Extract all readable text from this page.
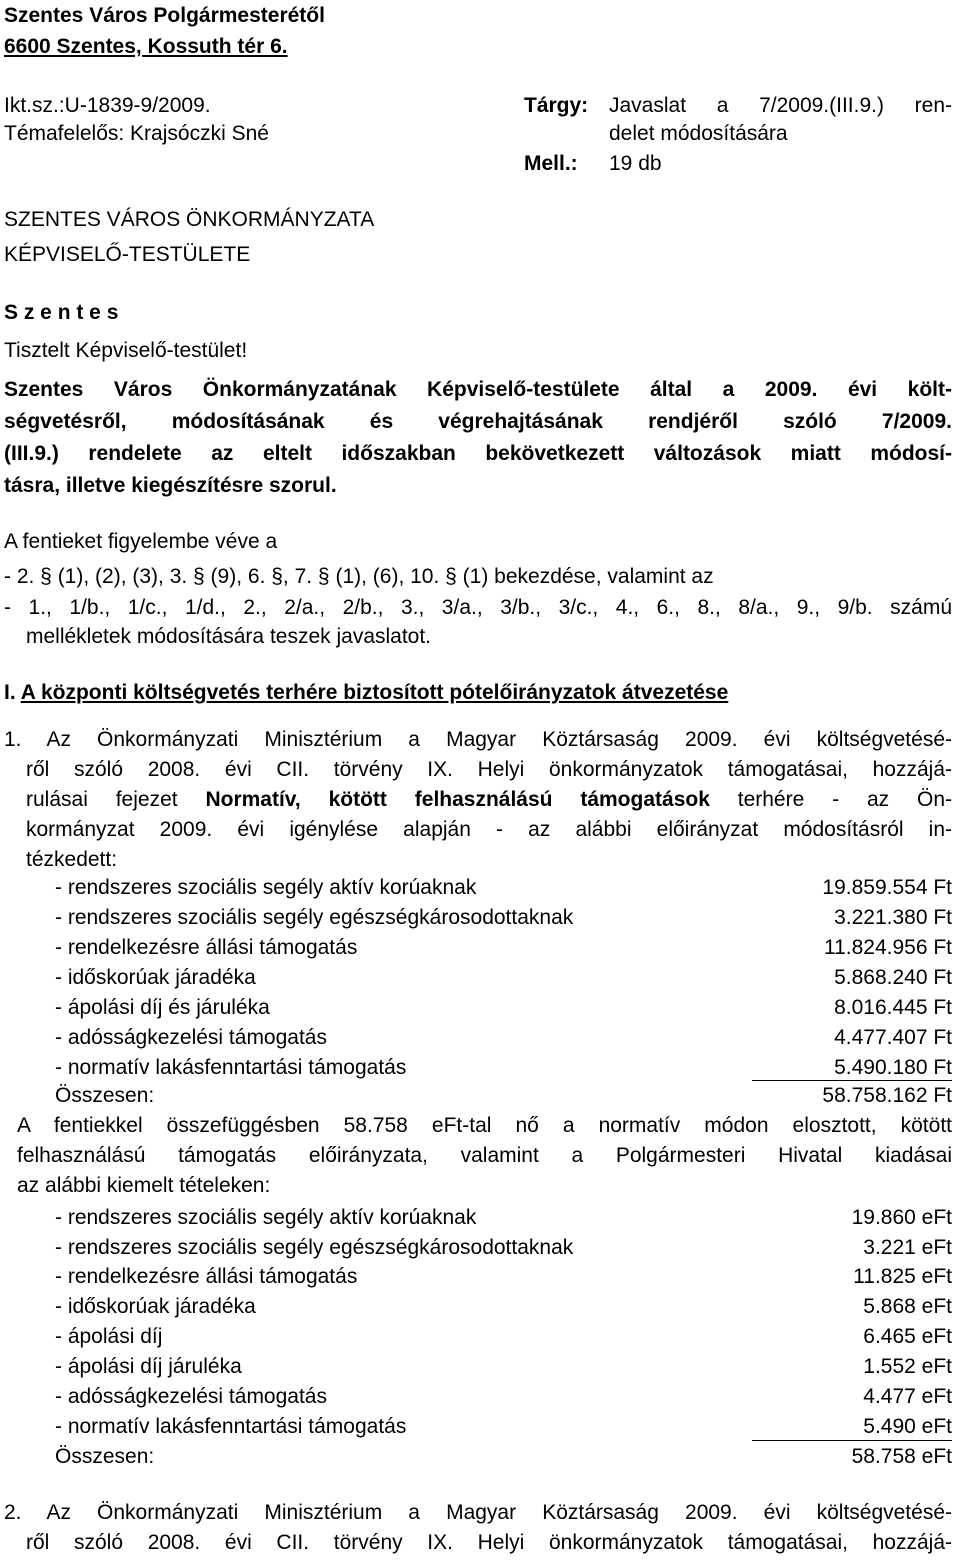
Szentes Város Polgármesterétől
6600 Szentes, Kossuth tér 6.
Ikt.sz.:U-1839-9/2009.
Témafelelős: Krajsóczki Sné
Tárgy: Javaslat a 7/2009.(III.9.) ren-
delet módosítására
Mell.: 19 db
SZENTES VÁROS ÖNKORMÁNYZATA
KÉPVISELŐ-TESTÜLETE
S z e n t e s
Tisztelt Képviselő-testület!
Szentes Város Önkormányzatának Képviselő-testülete által a 2009. évi költ-
ségvetésről, módosításának és végrehajtásának rendjéről szóló 7/2009.
(III.9.) rendelete az eltelt időszakban bekövetkezett változások miatt módosí-
tásra, illetve kiegészítésre szorul.
A fentieket figyelembe véve a
- 2. § (1), (2), (3), 3. § (9), 6. §, 7. § (1), (6), 10. § (1) bekezdése, valamint az
- 1., 1/b., 1/c., 1/d., 2., 2/a., 2/b., 3., 3/a., 3/b., 3/c., 4., 6., 8., 8/a., 9., 9/b. számú
mellékletek módosítására teszek javaslatot.
I. A központi költségvetés terhére biztosított pótelőirányzatok átvezetése
1. Az Önkormányzati Minisztérium a Magyar Köztársaság 2009. évi költségvetésé-
ről szóló 2008. évi CII. törvény IX. Helyi önkormányzatok támogatásai, hozzájá-
rulásai fejezet Normatív, kötött felhasználású támogatások terhére - az Ön-
kormányzat 2009. évi igénylése alapján - az alábbi előirányzat módosításról in-
tézkedett:
- rendszeres szociális segély aktív korúaknak	19.859.554 Ft
- rendszeres szociális segély egészségkárosodottaknak	3.221.380 Ft
- rendelkezésre állási támogatás	11.824.956 Ft
- időskorúak járadéka	5.868.240 Ft
- ápolási díj és járuléka	8.016.445 Ft
- adósságkezelési támogatás	4.477.407 Ft
- normatív lakásfenntartási támogatás	5.490.180 Ft
Összesen:	58.758.162 Ft
A fentiekkel összefüggésben 58.758 eFt-tal nő a normatív módon elosztott, kötött
felhasználású támogatás előirányzata, valamint a Polgármesteri Hivatal kiadásai
az alábbi kiemelt tételeken:
- rendszeres szociális segély aktív korúaknak	19.860 eFt
- rendszeres szociális segély egészségkárosodottaknak	3.221 eFt
- rendelkezésre állási támogatás	11.825 eFt
- időskorúak járadéka	5.868 eFt
- ápolási díj	6.465 eFt
- ápolási díj járuléka	1.552 eFt
- adósságkezelési támogatás	4.477 eFt
- normatív lakásfenntartási támogatás	5.490 eFt
Összesen:	58.758 eFt
2. Az Önkormányzati Minisztérium a Magyar Köztársaság 2009. évi költségvetésé-
ről szóló 2008. évi CII. törvény IX. Helyi önkormányzatok támogatásai, hozzájá-
